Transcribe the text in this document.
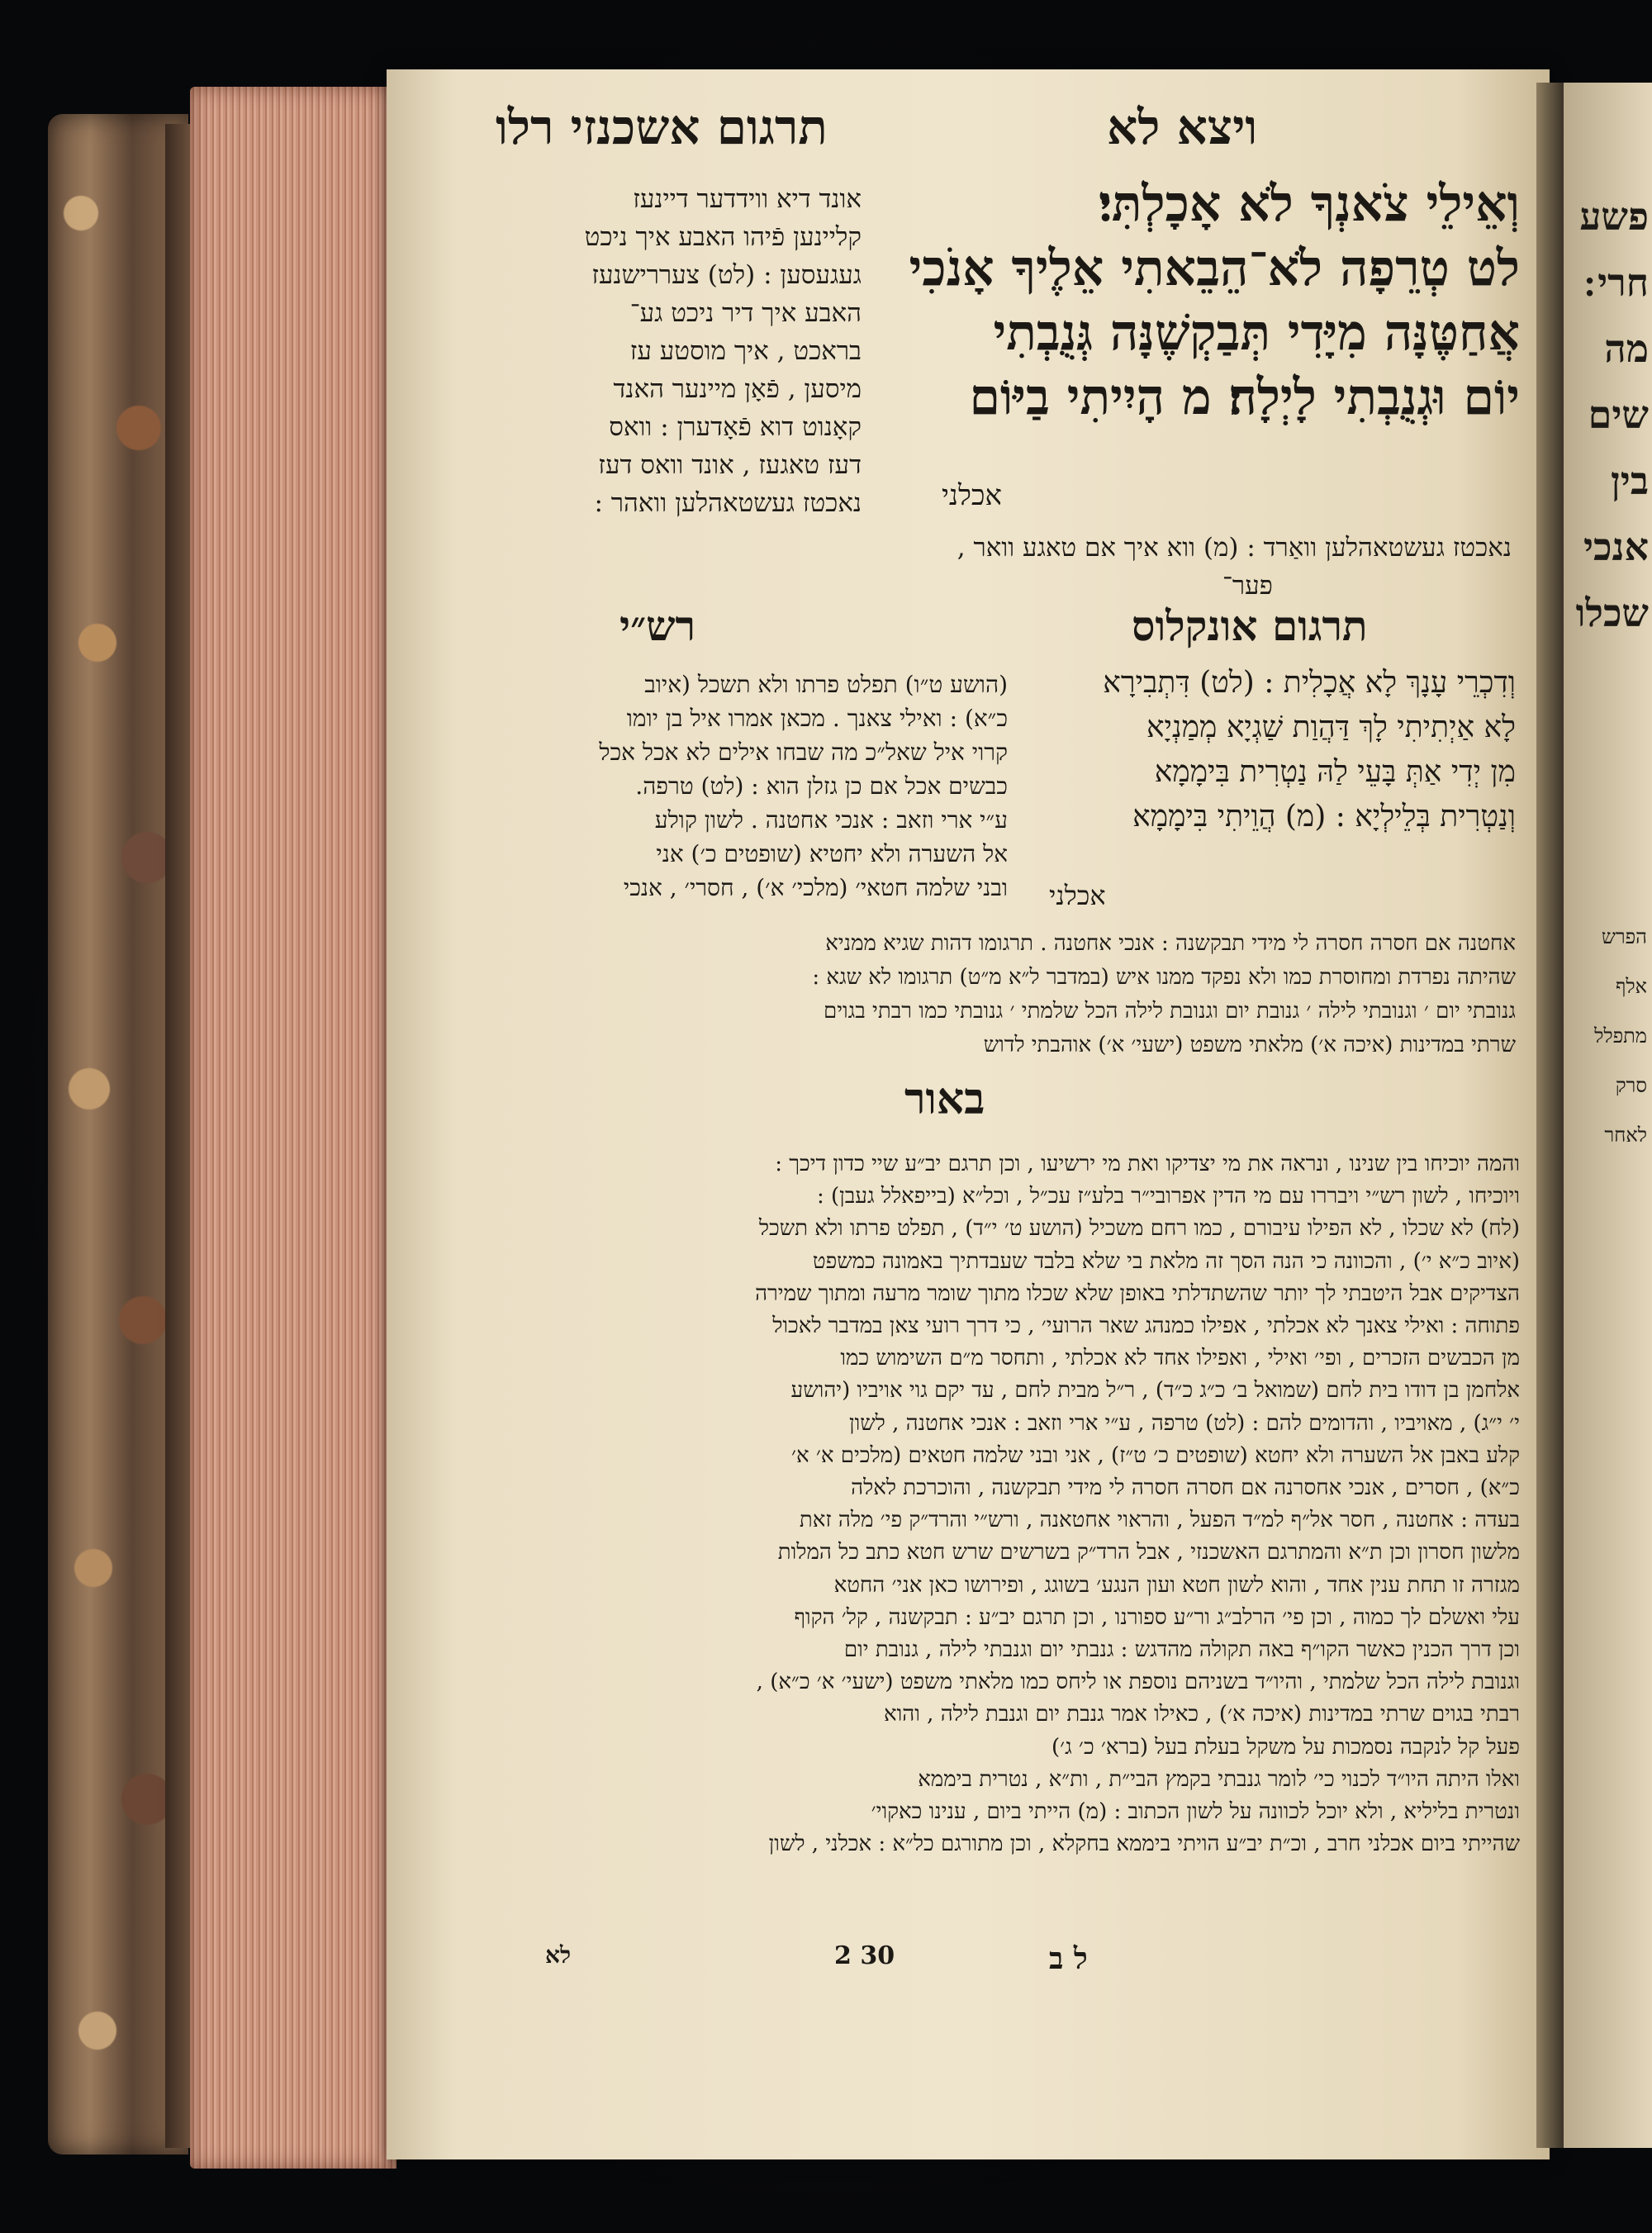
ויצא לא
תרגום אשכנזי רלו
וְאֵילֵי צֹאנְךָ לֹא אָכָלְתִּי׃
לט טְרֵפָה לֹא־הֵבֵאתִי אֵלֶיךָ אָנֹכִי
אֲחַטֶּנָּה מִיָּדִי תְּבַקְשֶׁנָּה גְּנֻבְתִי
יוֹם וּגְנֻבְתִי לָיְלָה׃ מ הָיִיתִי בַיּוֹם
אכלני
אונד דיא ווידדער דיינעז
קליינען פֿיהו האבע איך ניכט
געגעסען : (לט) צעררישנעז
האבע איך דיר ניכט גע־
בראכט , איך מוסטע עז
מיסען , פֿאָן מיינער האנד
קאָנוט דוא פֿאָדערן : וואס
דעז טאגעז , אונד וואס דעז
נאכטז געשטאהלען וואהר :
נאכטז געשטאהלען וואַרד : (מ) ווא איך אם טאגע וואר ,
פער־
תרגום אונקלוס
רש״י
וְדִכְרֵי עָנָךְ לָא אֲכָלִית : (לט) דִּתְבִירָא
לָא אַיְתִיתִי לָךְ דַּהֲוַת שַׁגְיָא מְמַנְיָא
מִן יְדִי אַתְּ בָּעֵי לַהּ נַטְרִית בִּימָמָא
וְנַטְרִית בְּלֵילְיָא : (מ) הֲוֵיתִי בִּימָמָא
אכלני
(הושע ט״ו) תפלט פרתו ולא תשכל (איוב
כ״א) : ואילי צאנך . מכאן אמרו איל בן יומו
קרוי איל שאל״כ מה שבחו אילים לא אכל אכל
כבשים אכל אם כן גזלן הוא : (לט) טרפה.
ע״י ארי וזאב : אנכי אחטנה . לשון קולע
אל השערה ולא יחטיא (שופטים כ׳) אני
ובני שלמה חטאי׳ (מלכי׳ א׳) , חסרי׳ , אנכי
אחטנה אם חסרה חסרה לי מידי תבקשנה : אנכי אחטנה . תרגומו דהות שגיא ממניא
שהיתה נפרדת ומחוסרת כמו ולא נפקד ממנו איש (במדבר ל״א מ״ט) תרגומו לא שגא :
גנובתי יום ׳ וגנובתי לילה ׳ גנובת יום וגנובת לילה הכל שלמתי ׳ גנובתי כמו רבתי בגוים
שרתי במדינות (איכה א׳) מלאתי משפט (ישעי׳ א׳) אוהבתי לדוש
באור
והמה יוכיחו בין שנינו , ונראה את מי יצדיקו ואת מי ירשיעו , וכן תרגם יב״ע שיי כדון דיכך :
ויוכיחו , לשון רש״י ויבררו עם מי הדין אפרובי״ר בלע״ז עכ״ל , וכל״א (בייפאלל געבן) :
(לח) לא שכלו , לא הפילו עיבורם , כמו רחם משכיל (הושע ט׳ י״ד) , תפלט פרתו ולא תשכל
(איוב כ״א י׳) , והכוונה כי הנה הסך זה מלאת בי שלא בלבד שעבדתיך באמונה כמשפט
הצדיקים אבל היטבתי לך יותר שהשתדלתי באופן שלא שכלו מתוך שומר מרעה ומתוך שמירה
פתוחה : ואילי צאנך לא אכלתי , אפילו כמנהג שאר הרועי׳ , כי דרך רועי צאן במדבר לאכול
מן הכבשים הזכרים , ופי׳ ואילי , ואפילו אחד לא אכלתי , ותחסר מ״ם השימוש כמו
אלחמן בן דודו בית לחם (שמואל ב׳ כ״ג כ״ד) , ר״ל מבית לחם , עד יקם גוי אויביו (יהושע
י׳ י״ג) , מאויביו , והדומים להם : (לט) טרפה , ע״י ארי וזאב : אנכי אחטנה , לשון
קלע באבן אל השערה ולא יחטא (שופטים כ׳ ט״ז) , אני ובני שלמה חטאים (מלכים א׳ א׳
כ״א) , חסרים , אנכי אחסרנה אם חסרה חסרה לי מידי תבקשנה , והוכרכת לאלה
בעדה : אחטנה , חסר אל״ף למ״ד הפעל , והראוי אחטאנה , ורש״י והרד״ק פי׳ מלה זאת
מלשון חסרון וכן ת״א והמתרגם האשכנזי , אבל הרד״ק בשרשים שרש חטא כתב כל המלות
מגזרה זו תחת ענין אחד , והוא לשון חטא ועון הנגע׳ בשוגג , ופירושו כאן אני׳ החטא
עלי ואשלם לך כמוה , וכן פי׳ הרלב״ג ור״ע ספורנו , וכן תרגם יב״ע : תבקשנה , קל׳ הקוף
וכן דרך הכנין כאשר הקו״ף באה תקולה מהדגש : גנבתי יום וגנבתי לילה , גנובת יום
וגנובת לילה הכל שלמתי , והיו״ד בשניהם נוספת או ליחס כמו מלאתי משפט (ישעי׳ א׳ כ״א) ,
רבתי בגוים שרתי במדינות (איכה א׳) , כאילו אמר גנבת יום וגנבת לילה , והוא
פעל קל לנקבה נסמכות על משקל בעלת בעל (ברא׳ כ׳ ג׳)
ואלו היתה היו״ד לכנוי כי׳ לומר גנבתי בקמץ הבי״ת , ות״א , נטרית ביממא
ונטרית בליליא , ולא יוכל לכוונה על לשון הכתוב : (מ) הייתי ביום , ענינו כאקוי׳
שהייתי ביום אכלני חרב , וכ״ת יב״ע הויתי ביממא בחקלא , וכן מתורגם כל״א : אכלני , לשון
ל ב
30 2
לא
פשע
חרי ׃
מה
שים
בין
אנכי
שכלו
הפרש
אלף
מתפלל
סרק
לאחר
